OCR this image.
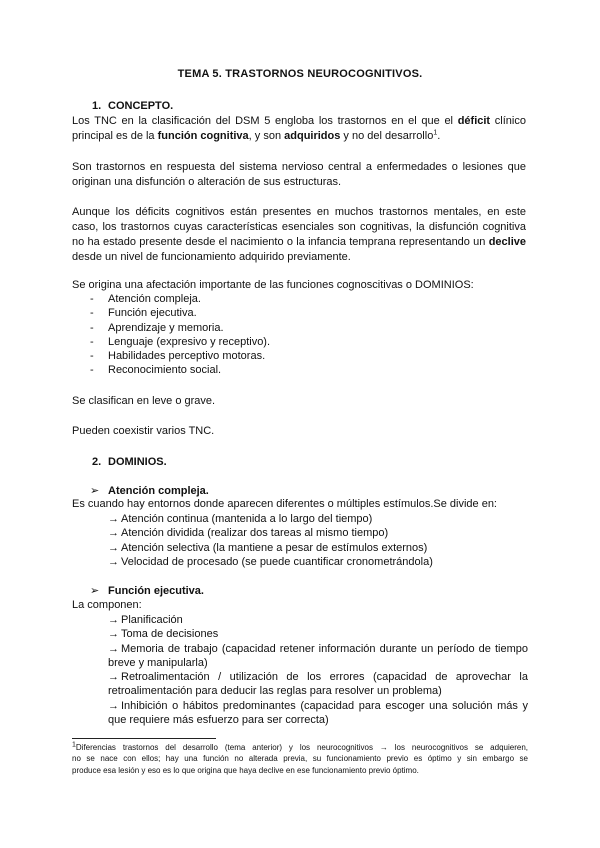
TEMA 5. TRASTORNOS NEUROCOGNITIVOS.
1. CONCEPTO.
Los TNC en la clasificación del DSM 5 engloba los trastornos en el que el déficit clínico
principal es de la función cognitiva, y son adquiridos y no del desarrollo$^1$.
Son trastornos en respuesta del sistema nervioso central a enfermedades o lesiones que
originan una disfunción o alteración de sus estructuras.
Aunque los déficits cognitivos están presentes en muchos trastornos mentales, en este
caso, los trastornos cuyas características esenciales son cognitivas, la disfunción cognitiva
no ha estado presente desde el nacimiento o la infancia temprana representando un declive
desde un nivel de funcionamiento adquirido previamente.
Se origina una afectación importante de las funciones cognoscitivas o DOMINIOS:
- Atención compleja.
- Función ejecutiva.
- Aprendizaje y memoria.
- Lenguaje (expresivo y receptivo).
- Habilidades perceptivo motoras.
- Reconocimiento social.
Se clasifican en leve o grave.
Pueden coexistir varios TNC.
2. DOMINIOS.
➢ Atención compleja.
Es cuando hay entornos donde aparecen diferentes o múltiples estímulos.Se divide en:
→ Atención continua (mantenida a lo largo del tiempo)
→ Atención dividida (realizar dos tareas al mismo tiempo)
→ Atención selectiva (la mantiene a pesar de estímulos externos)
→ Velocidad de procesado (se puede cuantificar cronometrándola)
➢ Función ejecutiva.
La componen:
→ Planificación
→ Toma de decisiones
→ Memoria de trabajo (capacidad retener información durante un período de tiempo
breve y manipularla)
→ Retroalimentación / utilización de los errores (capacidad de aprovechar la
retroalimentación para deducir las reglas para resolver un problema)
→ Inhibición o hábitos predominantes (capacidad para escoger una solución más y
que requiere más esfuerzo para ser correcta)
$^1$Diferencias trastornos del desarrollo (tema anterior) y los neurocognitivos → los neurocognitivos se adquieren,
no se nace con ellos; hay una función no alterada previa, su funcionamiento previo es óptimo y sin embargo se
produce esa lesión y eso es lo que origina que haya declive en ese funcionamiento previo óptimo.
